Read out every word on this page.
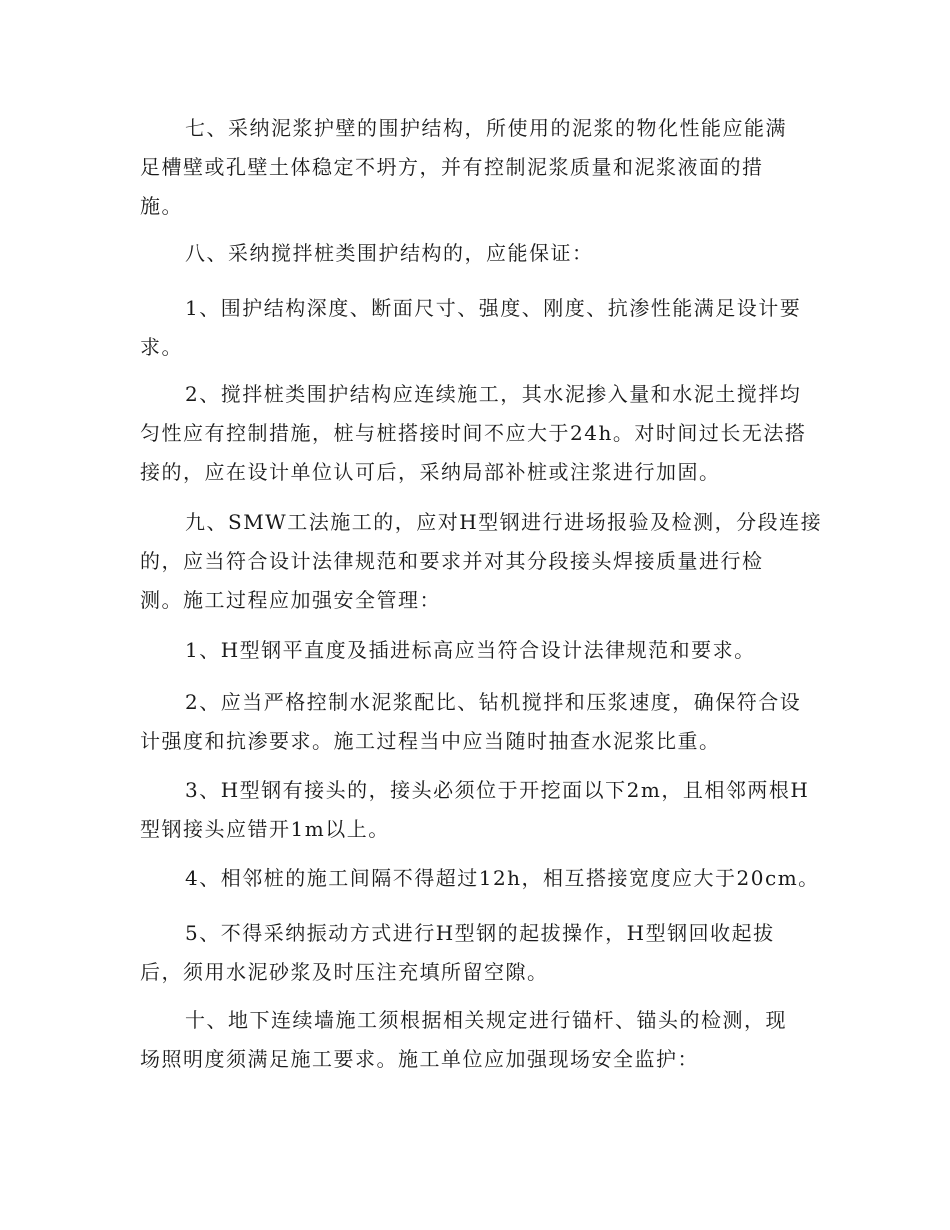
七、采纳泥浆护壁的围护结构，所使用的泥浆的物化性能应能满
足槽壁或孔壁土体稳定不坍方，并有控制泥浆质量和泥浆液面的措
施。
八、采纳搅拌桩类围护结构的，应能保证：
1、围护结构深度、断面尺寸、强度、刚度、抗渗性能满足设计要
求。
2、搅拌桩类围护结构应连续施工，其水泥掺入量和水泥土搅拌均
匀性应有控制措施，桩与桩搭接时间不应大于24h。对时间过长无法搭
接的，应在设计单位认可后，采纳局部补桩或注浆进行加固。
九、SMW工法施工的，应对H型钢进行进场报验及检测，分段连接
的，应当符合设计法律规范和要求并对其分段接头焊接质量进行检
测。施工过程应加强安全管理：
1、H型钢平直度及插进标高应当符合设计法律规范和要求。
2、应当严格控制水泥浆配比、钻机搅拌和压浆速度，确保符合设
计强度和抗渗要求。施工过程当中应当随时抽查水泥浆比重。
3、H型钢有接头的，接头必须位于开挖面以下2m，且相邻两根H
型钢接头应错开1m以上。
4、相邻桩的施工间隔不得超过12h，相互搭接宽度应大于20cm。
5、不得采纳振动方式进行H型钢的起拔操作，H型钢回收起拔
后，须用水泥砂浆及时压注充填所留空隙。
十、地下连续墙施工须根据相关规定进行锚杆、锚头的检测，现
场照明度须满足施工要求。施工单位应加强现场安全监护：
